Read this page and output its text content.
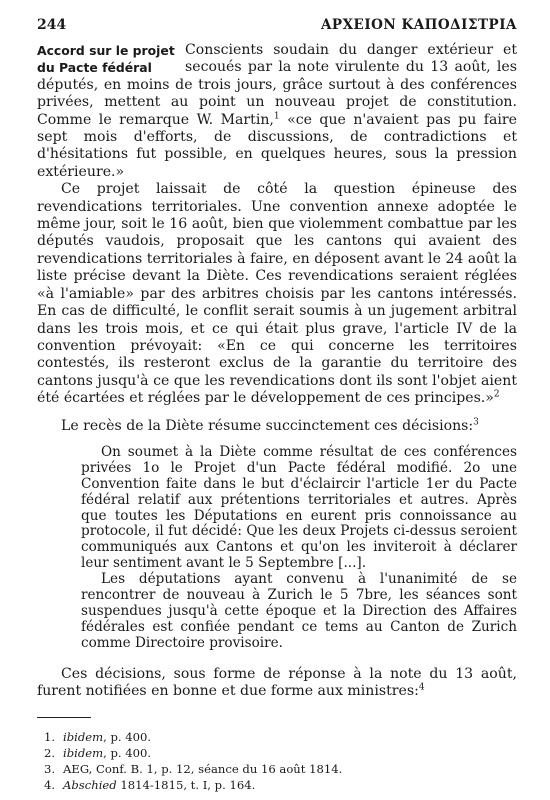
244	ΑΡΧΕΙΟΝ ΚΑΠΟΔΙΣΤΡΙΑ
Accord sur le projet
du Pacte fédéral

Conscients soudain du danger extérieur et secoués par la note virulente du 13 août, les députés, en moins de trois jours, grâce surtout à des conférences privées, mettent au point un nouveau projet de constitution. Comme le remarque W. Martin,$^1$ «ce que n'avaient pas pu faire sept mois d'efforts, de discussions, de contradictions et d'hésitations fut possible, en quelques heures, sous la pression extérieure.»

Ce projet laissait de côté la question épineuse des revendications territoriales. Une convention annexe adoptée le même jour, soit le 16 août, bien que violemment combattue par les députés vaudois, proposait que les cantons qui avaient des revendications territoriales à faire, en déposent avant le 24 août la liste précise devant la Diète. Ces revendications seraient réglées «à l'amiable» par des arbitres choisis par les cantons intéressés. En cas de difficulté, le conflit serait soumis à un jugement arbitral dans les trois mois, et ce qui était plus grave, l'article IV de la convention prévoyait: «En ce qui concerne les territoires contestés, ils resteront exclus de la garantie du territoire des cantons jusqu'à ce que les revendications dont ils sont l'objet aient été écartées et réglées par le développement de ces principes.»$^2$

Le recès de la Diète résume succinctement ces décisions:$^3$

On soumet à la Diète comme résultat de ces conférences privées 1o le Projet d'un Pacte fédéral modifié. 2o une Convention faite dans le but d'éclaircir l'article 1er du Pacte fédéral relatif aux prétentions territoriales et autres. Après que toutes les Députations en eurent pris connoissance au protocole, il fut décidé: Que les deux Projets ci-dessus seroient communiqués aux Cantons et qu'on les inviteroit à déclarer leur sentiment avant le 5 Septembre [...].

Les députations ayant convenu à l'unanimité de se rencontrer de nouveau à Zurich le 5 7bre, les séances sont suspendues jusqu'à cette époque et la Direction des Affaires fédérales est confiée pendant ce tems au Canton de Zurich comme Directoire provisoire.

Ces décisions, sous forme de réponse à la note du 13 août, furent notifiées en bonne et due forme aux ministres:$^4$

1. ibidem, p. 400.
2. ibidem, p. 400.
3. AEG, Conf. B. 1, p. 12, séance du 16 août 1814.
4. Abschied 1814-1815, t. I, p. 164.
